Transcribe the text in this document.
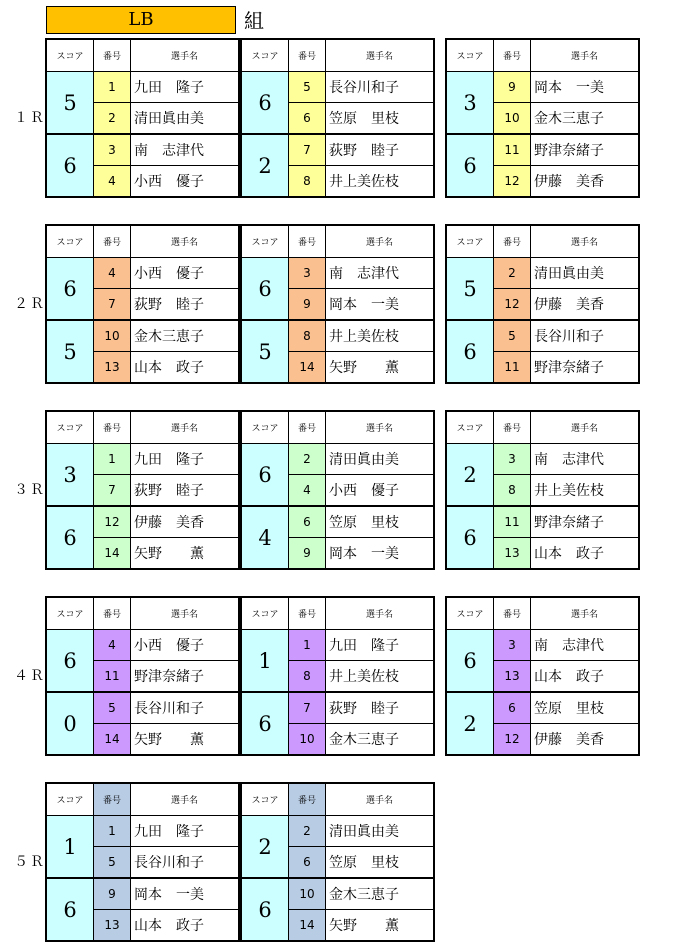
LB	組
スコア	番号	選手名
5
1	九田　隆子
2	清田眞由美
6
3	南　志津代
4	小西　優子
スコア	番号	選手名
6
5	長谷川和子
6	笠原　里枝
2
7	荻野　睦子
8	井上美佐枝
スコア	番号	選手名
3
9	岡本　一美
10	金木三恵子
6
11	野津奈緒子
12	伊藤　美香
スコア	番号	選手名
6
4	小西　優子
7	荻野　睦子
5
10	金木三恵子
13	山本　政子
スコア	番号	選手名
6
3	南　志津代
9	岡本　一美
5
8	井上美佐枝
14	矢野　　薫
スコア	番号	選手名
5
2	清田眞由美
12	伊藤　美香
6
5	長谷川和子
11	野津奈緒子
スコア	番号	選手名
3
1	九田　隆子
7	荻野　睦子
6
12	伊藤　美香
14	矢野　　薫
スコア	番号	選手名
6
2	清田眞由美
4	小西　優子
4
6	笠原　里枝
9	岡本　一美
スコア	番号	選手名
2
3	南　志津代
8	井上美佐枝
6
11	野津奈緒子
13	山本　政子
スコア	番号	選手名
6
4	小西　優子
11	野津奈緒子
0
5	長谷川和子
14	矢野　　薫
スコア	番号	選手名
1
1	九田　隆子
8	井上美佐枝
6
7	荻野　睦子
10	金木三恵子
スコア	番号	選手名
6
3	南　志津代
13	山本　政子
2
6	笠原　里枝
12	伊藤　美香
スコア	番号	選手名
1
1	九田　隆子
5	長谷川和子
6
9	岡本　一美
13	山本　政子
スコア	番号	選手名
2
2	清田眞由美
6	笠原　里枝
6
10	金木三恵子
14	矢野　　薫
１Ｒ
２Ｒ
３Ｒ
４Ｒ
５Ｒ
